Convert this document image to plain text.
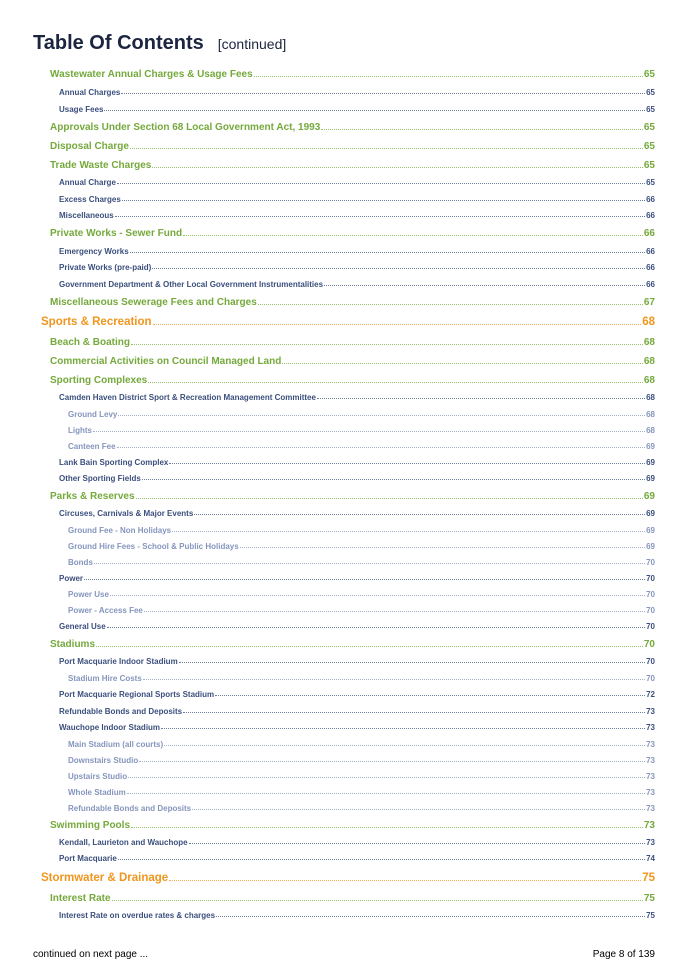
Table Of Contents [continued]
Wastewater Annual Charges & Usage Fees	65
Annual Charges	65
Usage Fees	65
Approvals Under Section 68 Local Government Act, 1993	65
Disposal Charge	65
Trade Waste Charges	65
Annual Charge	65
Excess Charges	66
Miscellaneous	66
Private Works - Sewer Fund	66
Emergency Works	66
Private Works (pre-paid)	66
Government Department & Other Local Government Instrumentalities	66
Miscellaneous Sewerage Fees and Charges	67
Sports & Recreation	68
Beach & Boating	68
Commercial Activities on Council Managed Land	68
Sporting Complexes	68
Camden Haven District Sport & Recreation Management Committee	68
Ground Levy	68
Lights	68
Canteen Fee	69
Lank Bain Sporting Complex	69
Other Sporting Fields	69
Parks & Reserves	69
Circuses, Carnivals & Major Events	69
Ground Fee - Non Holidays	69
Ground Hire Fees - School & Public Holidays	69
Bonds	70
Power	70
Power Use	70
Power - Access Fee	70
General Use	70
Stadiums	70
Port Macquarie Indoor Stadium	70
Stadium Hire Costs	70
Port Macquarie Regional Sports Stadium	72
Refundable Bonds and Deposits	73
Wauchope Indoor Stadium	73
Main Stadium (all courts)	73
Downstairs Studio	73
Upstairs Studio	73
Whole Stadium	73
Refundable Bonds and Deposits	73
Swimming Pools	73
Kendall, Laurieton and Wauchope	73
Port Macquarie	74
Stormwater & Drainage	75
Interest Rate	75
Interest Rate on overdue rates & charges	75
continued on next page ...	Page 8 of 139
